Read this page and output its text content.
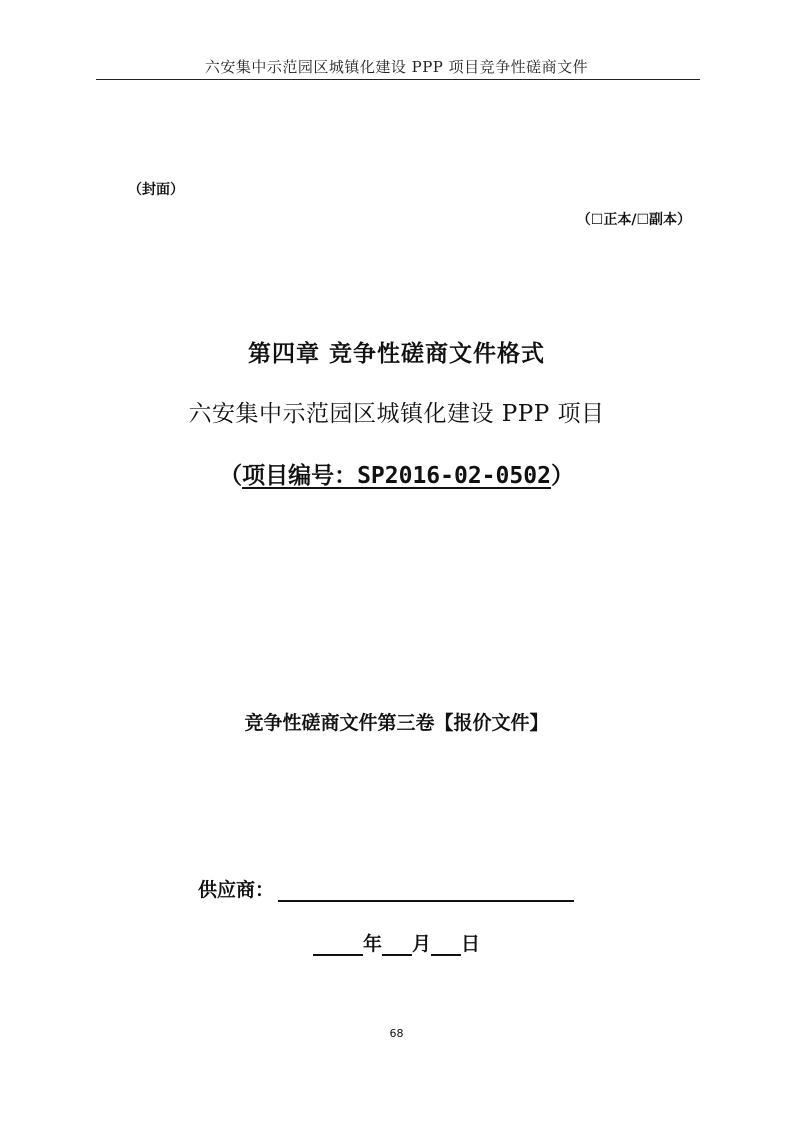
六安集中示范园区城镇化建设 PPP 项目竞争性磋商文件
（封面）
（☐正本/☐副本）
第四章 竞争性磋商文件格式
六安集中示范园区城镇化建设 PPP 项目
（项目编号：SP2016-02-0502）
竞争性磋商文件第三卷【报价文件】
供应商：
年 月 日
68
